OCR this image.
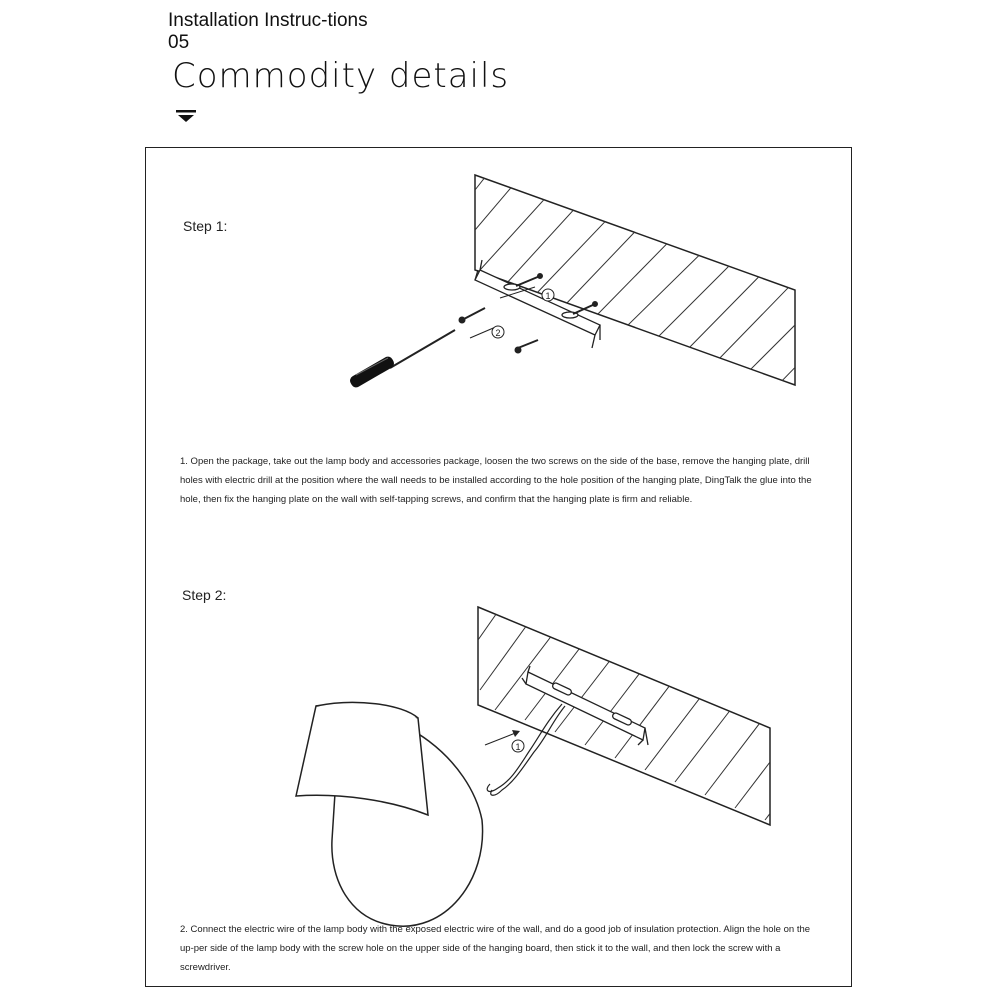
Installation Instruc-tions 05
Commodity details
Step 1:
1
2
1. Open the package, take out the lamp body and accessories package, loosen the two screws on the side of the base, remove the hanging plate, drill holes with electric drill at the position where the wall needs to be installed according to the hole position of the hanging plate, DingTalk the glue into the hole, then fix the hanging plate on the wall with self-tapping screws, and confirm that the hanging plate is firm and reliable.
Step 2:
1
2. Connect the electric wire of the lamp body with the exposed electric wire of the wall, and do a good job of insulation protection. Align the hole on the up-per side of the lamp body with the screw hole on the upper side of the hanging board, then stick it to the wall, and then lock the screw with a screwdriver.
